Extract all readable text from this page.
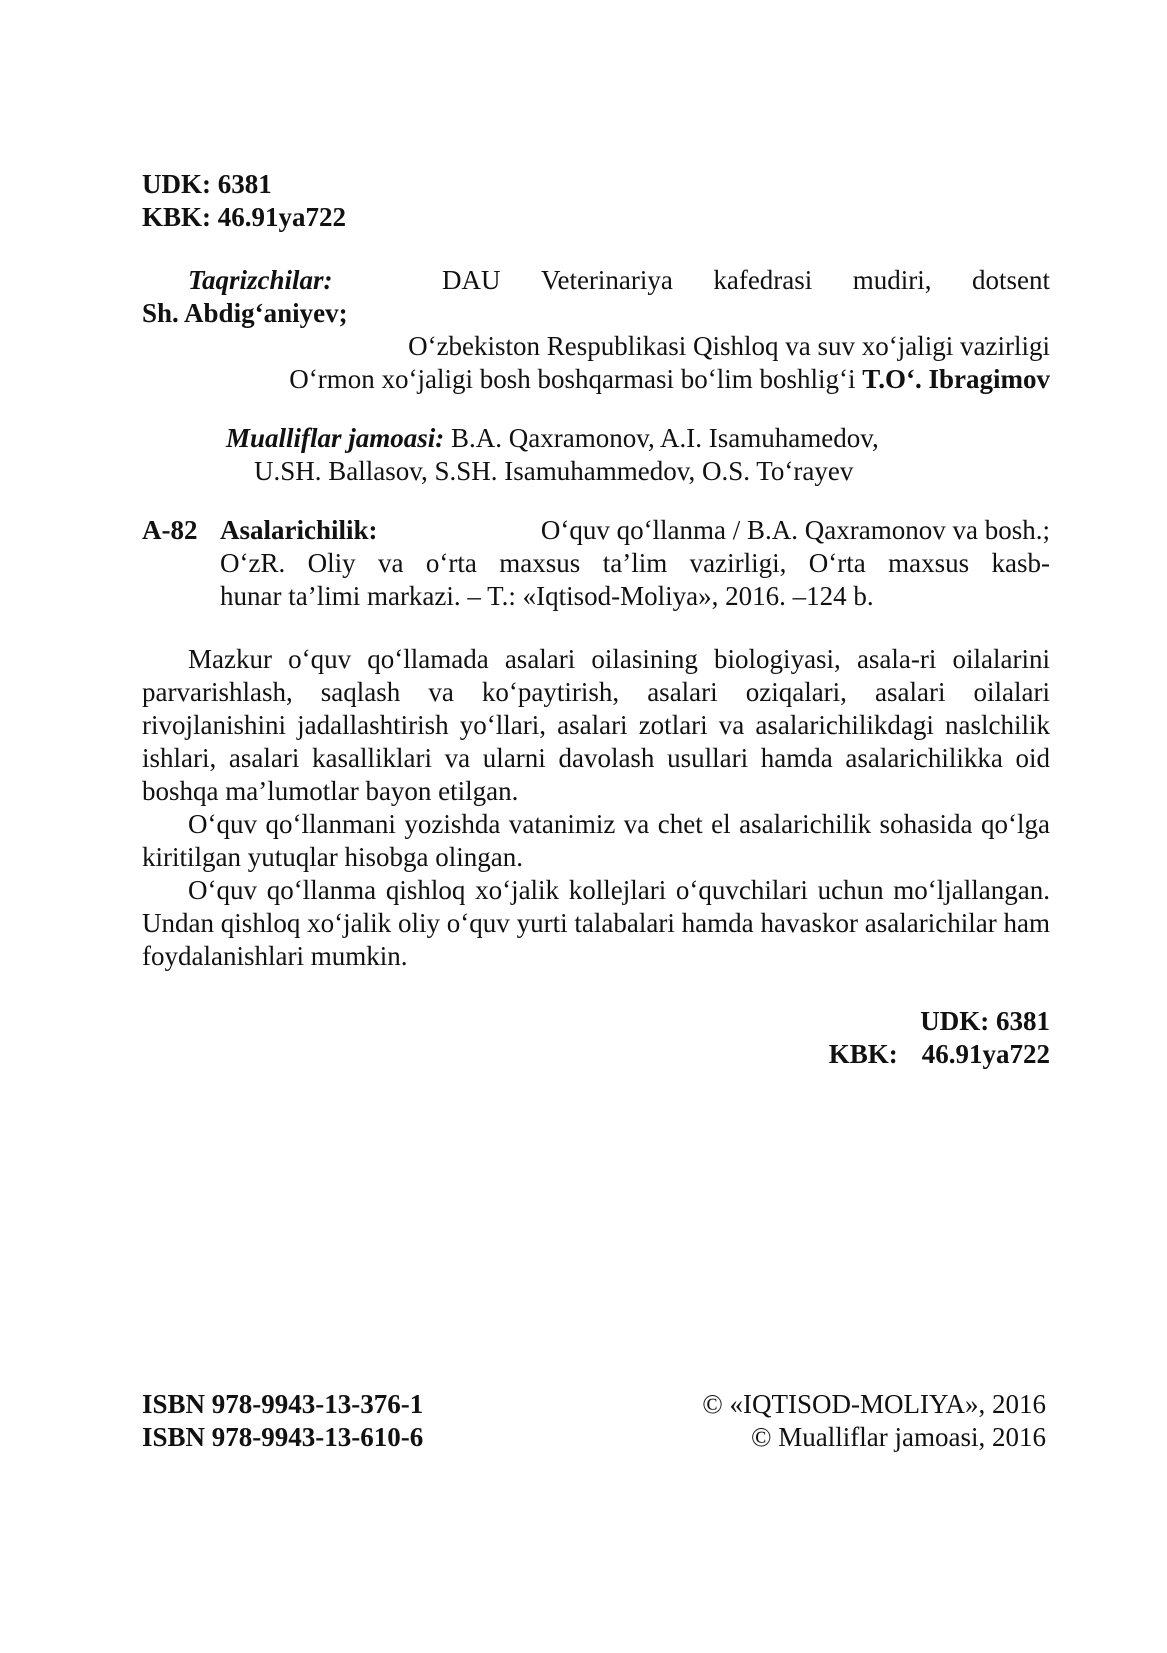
UDK: 6381
KBK: 46.91ya722
Taqrizchilar:	DAU Veterinariya kafedrasi mudiri, dotsent
Sh. Abdig‘aniyev;
O‘zbekiston Respublikasi Qishloq va suv xo‘jaligi vazirligi
O‘rmon xo‘jaligi bosh boshqarmasi bo‘lim boshlig‘i T.O‘. Ibragimov
Mualliflar jamoasi: B.A. Qaxramonov, A.I. Isamuhamedov,
U.SH. Ballasov, S.SH. Isamuhammedov, O.S. To‘rayev
A-82 Asalarichilik:	O‘quv qo‘llanma / B.A. Qaxramonov va bosh.;
O‘zR. Oliy va o‘rta maxsus ta’lim vazirligi, O‘rta maxsus kasb-
hunar ta’limi markazi. – T.: «Iqtisod-Moliya», 2016. –124 b.

Mazkur o‘quv qo‘llamada asalari oilasining biologiyasi, asala-ri oilalarini parvarishlash, saqlash va ko‘paytirish, asalari oziqalari, asalari oilalari rivojlanishini jadallashtirish yo‘llari, asalari zotlari va asalarichilikdagi naslchilik ishlari, asalari kasalliklari va ularni davolash usullari hamda asalarichilikka oid boshqa ma’lumotlar bayon etilgan.

O‘quv qo‘llanmani yozishda vatanimiz va chet el asalarichilik sohasida qo‘lga kiritilgan yutuqlar hisobga olingan.

O‘quv qo‘llanma qishloq xo‘jalik kollejlari o‘quvchilari uchun mo‘ljallangan. Undan qishloq xo‘jalik oliy o‘quv yurti talabalari hamda havaskor asalarichilar ham foydalanishlari mumkin.

UDK: 6381
KBK: 46.91ya722
ISBN 978-9943-13-376-1
ISBN 978-9943-13-610-6
© «IQTISOD-MOLIYA», 2016
© Mualliflar jamoasi, 2016
